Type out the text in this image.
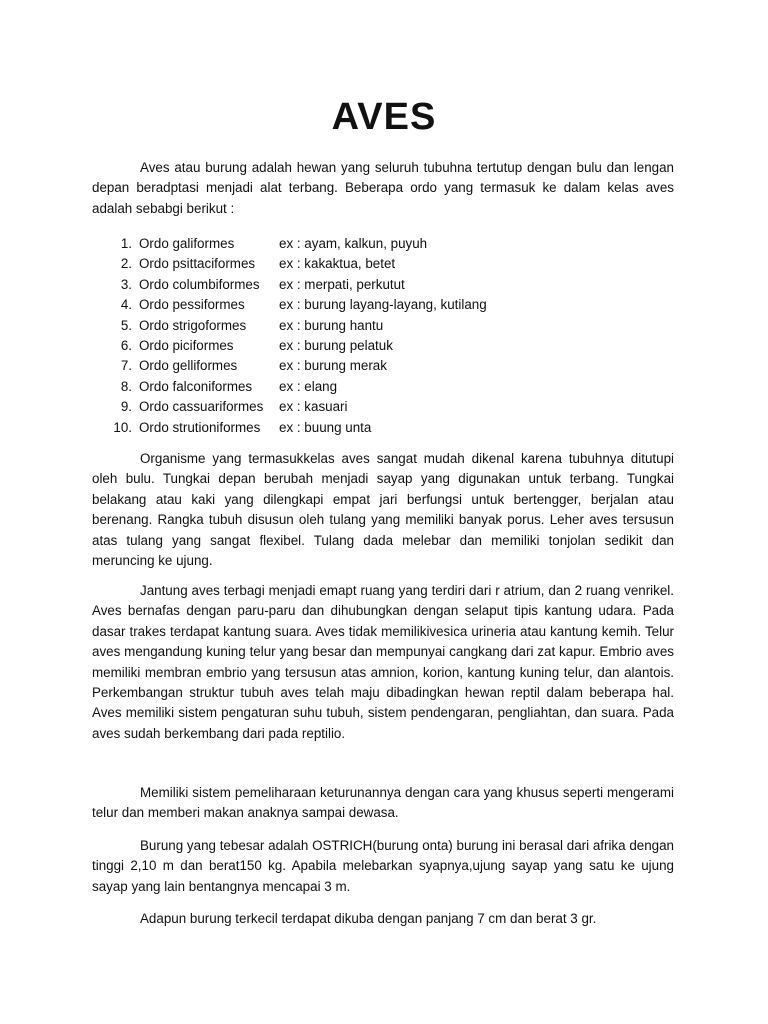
AVES

Aves atau burung adalah hewan yang seluruh tubuhna tertutup dengan bulu dan lengan depan beradptasi menjadi alat terbang. Beberapa ordo yang termasuk ke dalam kelas aves adalah sebabgi berikut :

1. Ordo galiformes	ex : ayam, kalkun, puyuh
2. Ordo psittaciformes	ex : kakaktua, betet
3. Ordo columbiformes	ex : merpati, perkutut
4. Ordo pessiformes	ex : burung layang-layang, kutilang
5. Ordo strigoformes	ex : burung hantu
6. Ordo piciformes	ex : burung pelatuk
7. Ordo gelliformes	ex : burung merak
8. Ordo falconiformes	ex : elang
9. Ordo cassuariformes	ex : kasuari
10. Ordo strutioniformes	ex : buung unta

Organisme yang termasukkelas aves sangat mudah dikenal karena tubuhnya ditutupi oleh bulu. Tungkai depan berubah menjadi sayap yang digunakan untuk terbang. Tungkai belakang atau kaki yang dilengkapi empat jari berfungsi untuk bertengger, berjalan atau berenang. Rangka tubuh disusun oleh tulang yang memiliki banyak porus. Leher aves tersusun atas tulang yang sangat flexibel. Tulang dada melebar dan memiliki tonjolan sedikit dan meruncing ke ujung.

Jantung aves terbagi menjadi emapt ruang yang terdiri dari r atrium, dan 2 ruang venrikel. Aves bernafas dengan paru-paru dan dihubungkan dengan selaput tipis kantung udara. Pada dasar trakes terdapat kantung suara. Aves tidak memilikivesica urineria atau kantung kemih. Telur aves mengandung kuning telur yang besar dan mempunyai cangkang dari zat kapur. Embrio aves memiliki membran embrio yang tersusun atas amnion, korion, kantung kuning telur, dan alantois. Perkembangan struktur tubuh aves telah maju dibadingkan hewan reptil dalam beberapa hal. Aves memiliki sistem pengaturan suhu tubuh, sistem pendengaran, pengliahtan, dan suara. Pada aves sudah berkembang dari pada reptilio.

Memiliki sistem pemeliharaan keturunannya dengan cara yang khusus seperti mengerami telur dan memberi makan anaknya sampai dewasa.

Burung yang tebesar adalah OSTRICH(burung onta) burung ini berasal dari afrika dengan tinggi 2,10 m dan berat150 kg. Apabila melebarkan syapnya,ujung sayap yang satu ke ujung sayap yang lain bentangnya mencapai 3 m.

Adapun burung terkecil terdapat dikuba dengan panjang 7 cm dan berat 3 gr.
